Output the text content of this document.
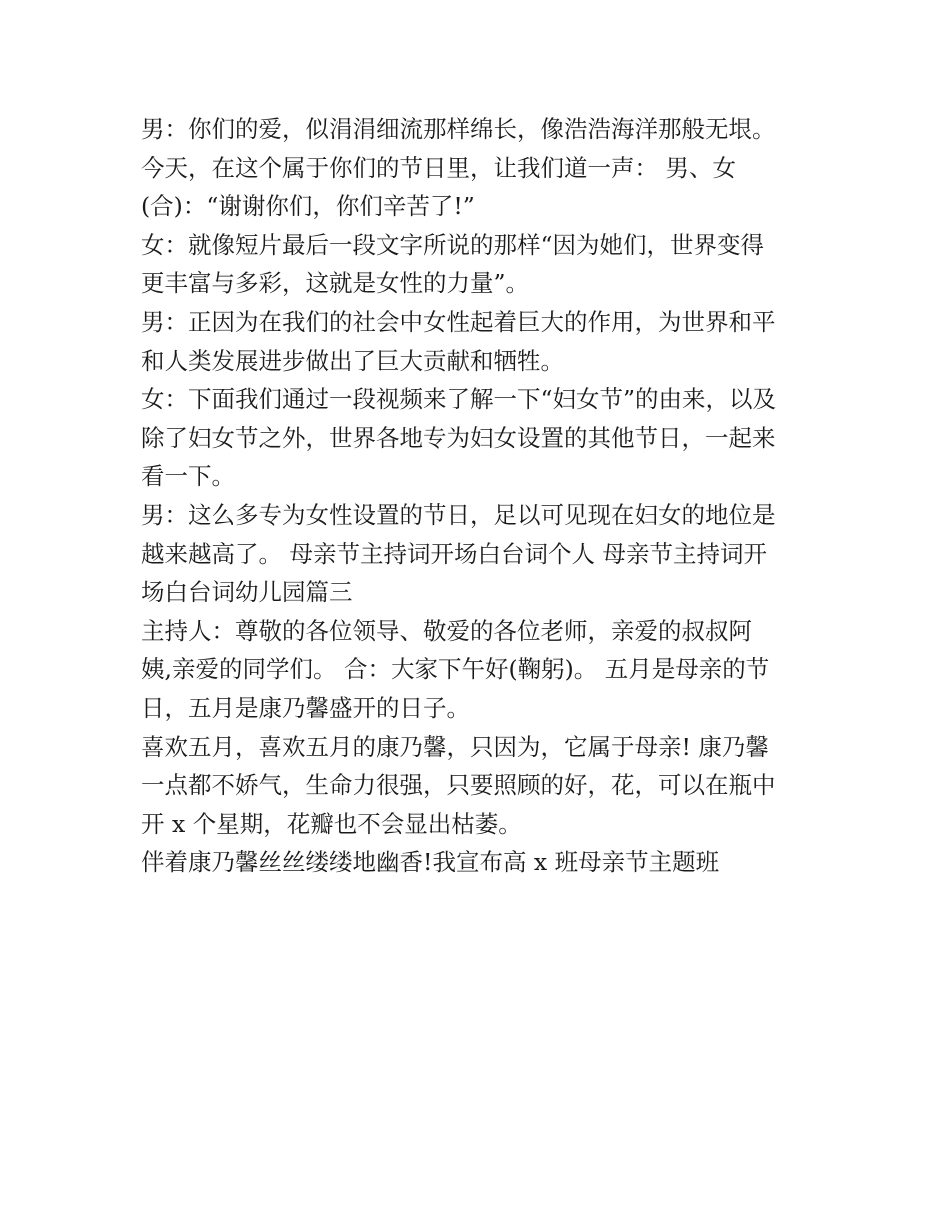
男：你们的爱，似涓涓细流那样绵长，像浩浩海洋那般无垠。

今天，在这个属于你们的节日里，让我们道一声： 男、女

(合)：“谢谢你们，你们辛苦了!”

女：就像短片最后一段文字所说的那样“因为她们，世界变得

更丰富与多彩，这就是女性的力量”。

男：正因为在我们的社会中女性起着巨大的作用，为世界和平

和人类发展进步做出了巨大贡献和牺牲。

女：下面我们通过一段视频来了解一下“妇女节”的由来，以及

除了妇女节之外，世界各地专为妇女设置的其他节日，一起来

看一下。

男：这么多专为女性设置的节日，足以可见现在妇女的地位是

越来越高了。 母亲节主持词开场白台词个人 母亲节主持词开

场白台词幼儿园篇三

主持人：尊敬的各位领导、敬爱的各位老师，亲爱的叔叔阿

姨,亲爱的同学们。 合：大家下午好(鞠躬)。 五月是母亲的节

日，五月是康乃馨盛开的日子。

喜欢五月，喜欢五月的康乃馨，只因为，它属于母亲! 康乃馨

一点都不娇气，生命力很强，只要照顾的好，花，可以在瓶中

开 x 个星期，花瓣也不会显出枯萎。

伴着康乃馨丝丝缕缕地幽香!我宣布高 x 班母亲节主题班
